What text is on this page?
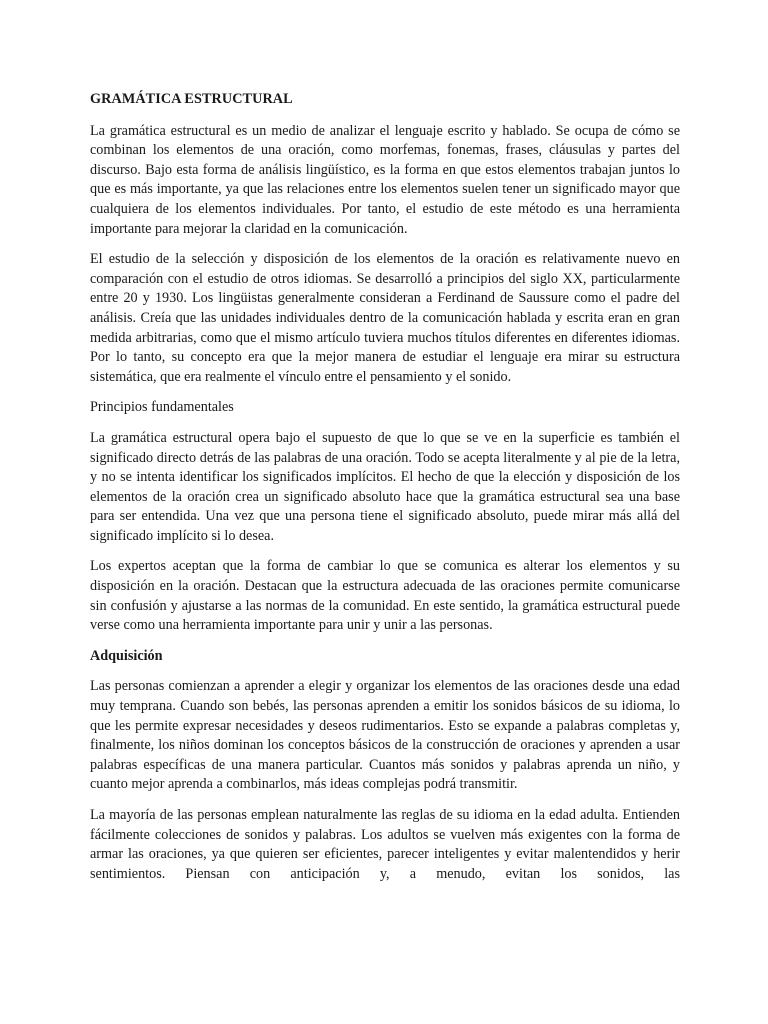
GRAMÁTICA ESTRUCTURAL

La gramática estructural es un medio de analizar el lenguaje escrito y hablado. Se ocupa de cómo se combinan los elementos de una oración, como morfemas, fonemas, frases, cláusulas y partes del discurso. Bajo esta forma de análisis lingüístico, es la forma en que estos elementos trabajan juntos lo que es más importante, ya que las relaciones entre los elementos suelen tener un significado mayor que cualquiera de los elementos individuales. Por tanto, el estudio de este método es una herramienta importante para mejorar la claridad en la comunicación.

El estudio de la selección y disposición de los elementos de la oración es relativamente nuevo en comparación con el estudio de otros idiomas. Se desarrolló a principios del siglo XX, particularmente entre 20 y 1930. Los lingüistas generalmente consideran a Ferdinand de Saussure como el padre del análisis. Creía que las unidades individuales dentro de la comunicación hablada y escrita eran en gran medida arbitrarias, como que el mismo artículo tuviera muchos títulos diferentes en diferentes idiomas. Por lo tanto, su concepto era que la mejor manera de estudiar el lenguaje era mirar su estructura sistemática, que era realmente el vínculo entre el pensamiento y el sonido.

Principios fundamentales

La gramática estructural opera bajo el supuesto de que lo que se ve en la superficie es también el significado directo detrás de las palabras de una oración. Todo se acepta literalmente y al pie de la letra, y no se intenta identificar los significados implícitos. El hecho de que la elección y disposición de los elementos de la oración crea un significado absoluto hace que la gramática estructural sea una base para ser entendida. Una vez que una persona tiene el significado absoluto, puede mirar más allá del significado implícito si lo desea.

Los expertos aceptan que la forma de cambiar lo que se comunica es alterar los elementos y su disposición en la oración. Destacan que la estructura adecuada de las oraciones permite comunicarse sin confusión y ajustarse a las normas de la comunidad. En este sentido, la gramática estructural puede verse como una herramienta importante para unir y unir a las personas.

Adquisición

Las personas comienzan a aprender a elegir y organizar los elementos de las oraciones desde una edad muy temprana. Cuando son bebés, las personas aprenden a emitir los sonidos básicos de su idioma, lo que les permite expresar necesidades y deseos rudimentarios. Esto se expande a palabras completas y, finalmente, los niños dominan los conceptos básicos de la construcción de oraciones y aprenden a usar palabras específicas de una manera particular. Cuantos más sonidos y palabras aprenda un niño, y cuanto mejor aprenda a combinarlos, más ideas complejas podrá transmitir.

La mayoría de las personas emplean naturalmente las reglas de su idioma en la edad adulta. Entienden fácilmente colecciones de sonidos y palabras. Los adultos se vuelven más exigentes con la forma de armar las oraciones, ya que quieren ser eficientes, parecer inteligentes y evitar malentendidos y herir sentimientos. Piensan con anticipación y, a menudo, evitan los sonidos, las
